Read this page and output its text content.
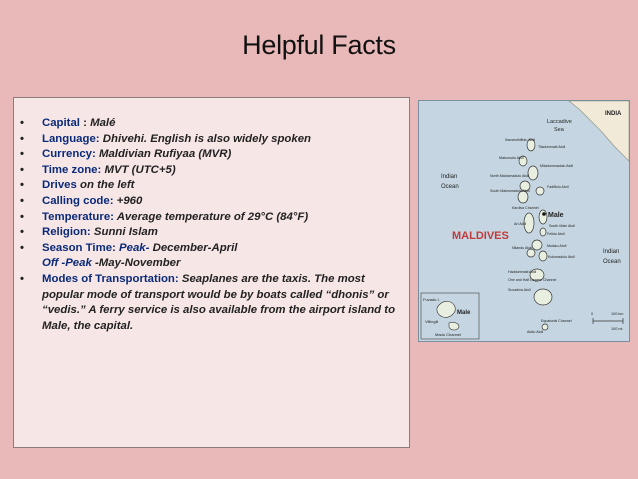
Helpful Facts
• Capital : Malé
• Language: Dhivehi. English is also widely spoken
• Currency: Maldivian Rufiyaa (MVR)
• Time zone: MVT (UTC+5)
• Drives on the left
• Calling code: +960
• Temperature: Average temperature of 29°C (84°F)
• Religion: Sunni Islam
• Season Time: Peak- December-April
Off -Peak -May-November
• Modes of Transportation: Seaplanes are the taxis. The most popular mode of transport would be by boats called “dhonis” or “vedis.” A ferry service is also available from the airport island to Male, the capital.
INDIA
Laccadive
Sea
Indian
Ocean
Indian
Ocean
MALDIVES
Male
Ihavandhiffulu Atoll
Tiladummati Atoll
Makunudu Atoll
Miladummadulu Atoll
North Malosmadulu Atoll
Fadiffolu Atoll
South Malosmadulu Atoll
Kardiva Channel
Ari Atoll	South Male Atoll
Felidu Atoll
Mulaku Atoll
Nilandu Atoll
Kolumadulu Atoll
Haddummati Atoll
One and Half Degree Channel
Suvadiva Atoll
Equatorial Channel
Addu Atoll
Fuvadu I.
Male
Villingili
Madu Channel
0	100 km
100 mi
